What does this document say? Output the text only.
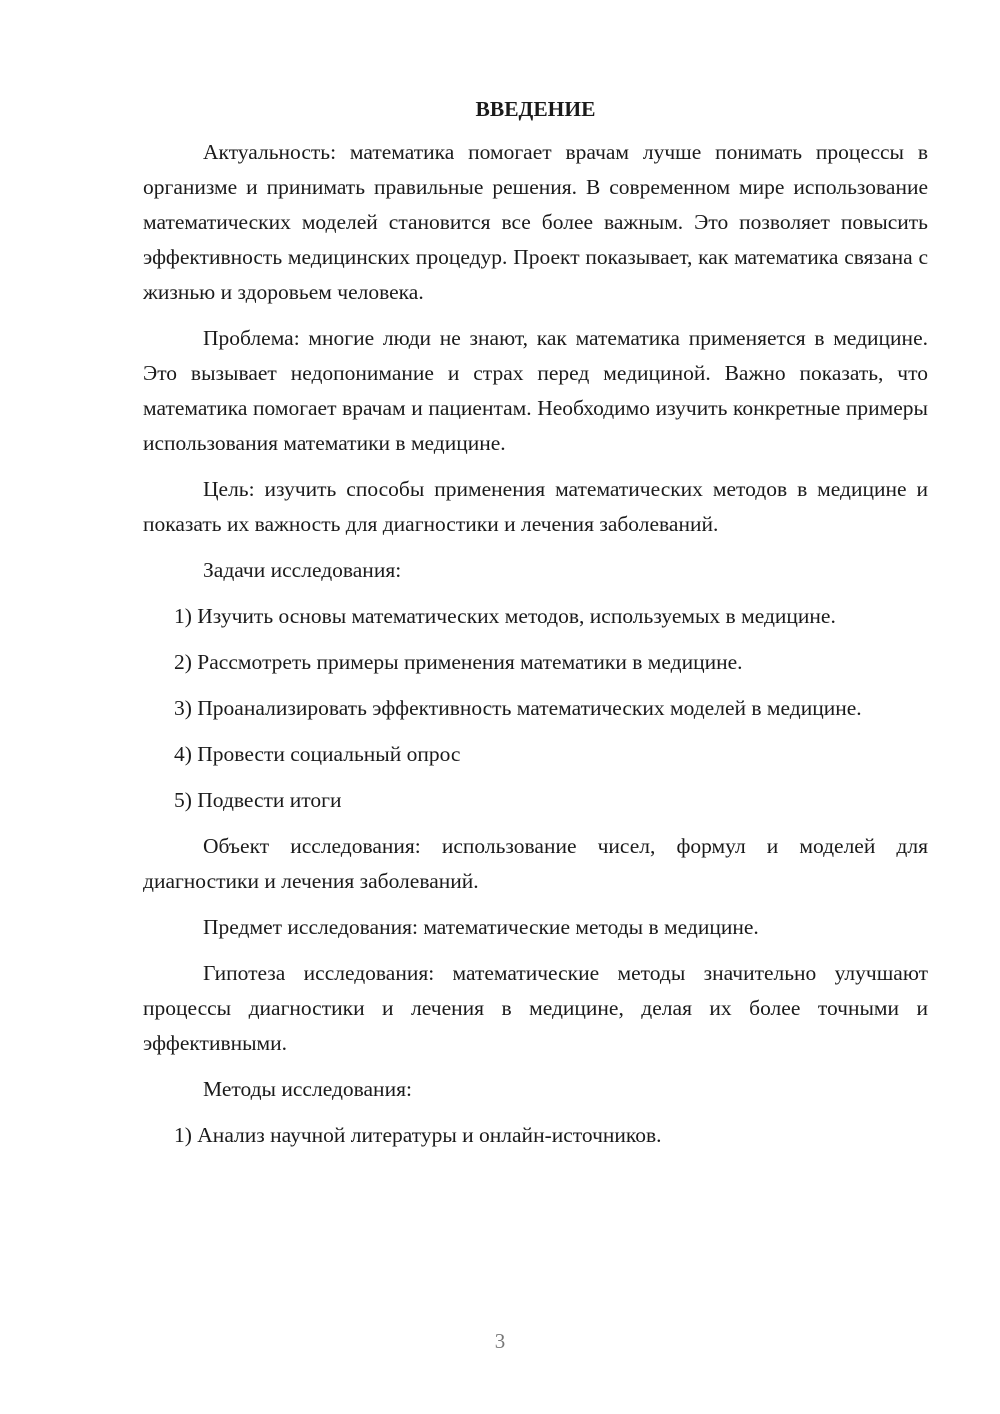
ВВЕДЕНИЕ

Актуальность: математика помогает врачам лучше понимать процессы в организме и принимать правильные решения. В современном мире использование математических моделей становится все более важным. Это позволяет повысить эффективность медицинских процедур. Проект показывает, как математика связана с жизнью и здоровьем человека.

Проблема: многие люди не знают, как математика применяется в медицине. Это вызывает недопонимание и страх перед медициной. Важно показать, что математика помогает врачам и пациентам. Необходимо изучить конкретные примеры использования математики в медицине.

Цель: изучить способы применения математических методов в медицине и показать их важность для диагностики и лечения заболеваний.

Задачи исследования:

1) Изучить основы математических методов, используемых в медицине.

2) Рассмотреть примеры применения математики в медицине.

3) Проанализировать эффективность математических моделей в медицине.

4) Провести социальный опрос

5) Подвести итоги

Объект исследования: использование чисел, формул и моделей для диагностики и лечения заболеваний.

Предмет исследования: математические методы в медицине.

Гипотеза исследования: математические методы значительно улучшают процессы диагностики и лечения в медицине, делая их более точными и эффективными.

Методы исследования:

1) Анализ научной литературы и онлайн-источников.

3
